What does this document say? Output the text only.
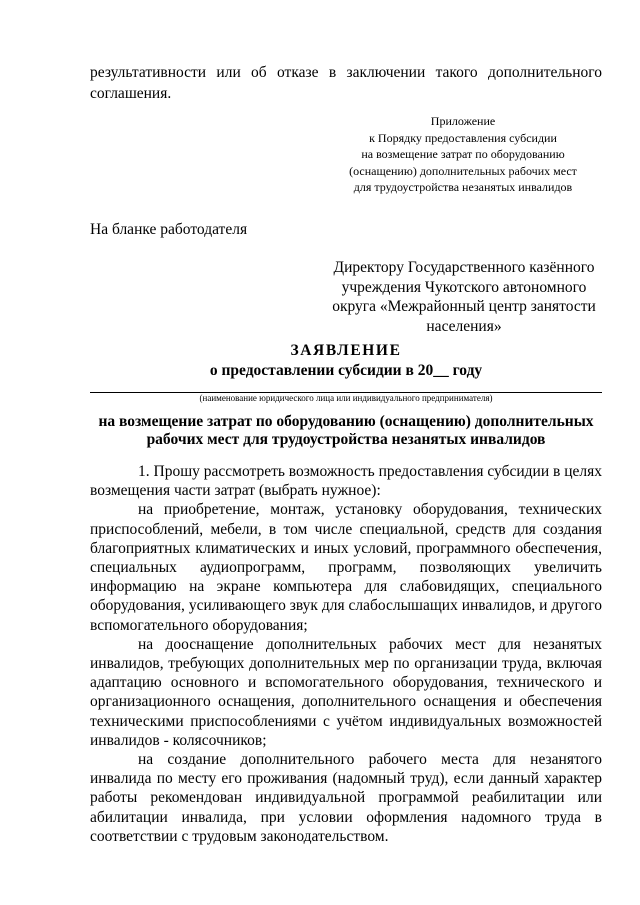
результативности или об отказе в заключении такого дополнительного соглашения.
Приложение
к Порядку предоставления субсидии
на возмещение затрат по оборудованию
(оснащению) дополнительных рабочих мест
для трудоустройства незанятых инвалидов
На бланке работодателя
Директору Государственного казённого
учреждения Чукотского автономного
округа «Межрайонный центр занятости
населения»
ЗАЯВЛЕНИЕ
о предоставлении субсидии в 20__ году
(наименование юридического лица или индивидуального предпринимателя)
на возмещение затрат по оборудованию (оснащению) дополнительных
рабочих мест для трудоустройства незанятых инвалидов

1. Прошу рассмотреть возможность предоставления субсидии в целях возмещения части затрат (выбрать нужное):

на приобретение, монтаж, установку оборудования, технических приспособлений, мебели, в том числе специальной, средств для создания благоприятных климатических и иных условий, программного обеспечения, специальных аудиопрограмм, программ, позволяющих увеличить информацию на экране компьютера для слабовидящих, специального оборудования, усиливающего звук для слабослышащих инвалидов, и другого вспомогательного оборудования;

на дооснащение дополнительных рабочих мест для незанятых инвалидов, требующих дополнительных мер по организации труда, включая адаптацию основного и вспомогательного оборудования, технического и организационного оснащения, дополнительного оснащения и обеспечения техническими приспособлениями с учётом индивидуальных возможностей инвалидов - колясочников;

на создание дополнительного рабочего места для незанятого инвалида по месту его проживания (надомный труд), если данный характер работы рекомендован индивидуальной программой реабилитации или абилитации инвалида, при условии оформления надомного труда в соответствии с трудовым законодательством.
